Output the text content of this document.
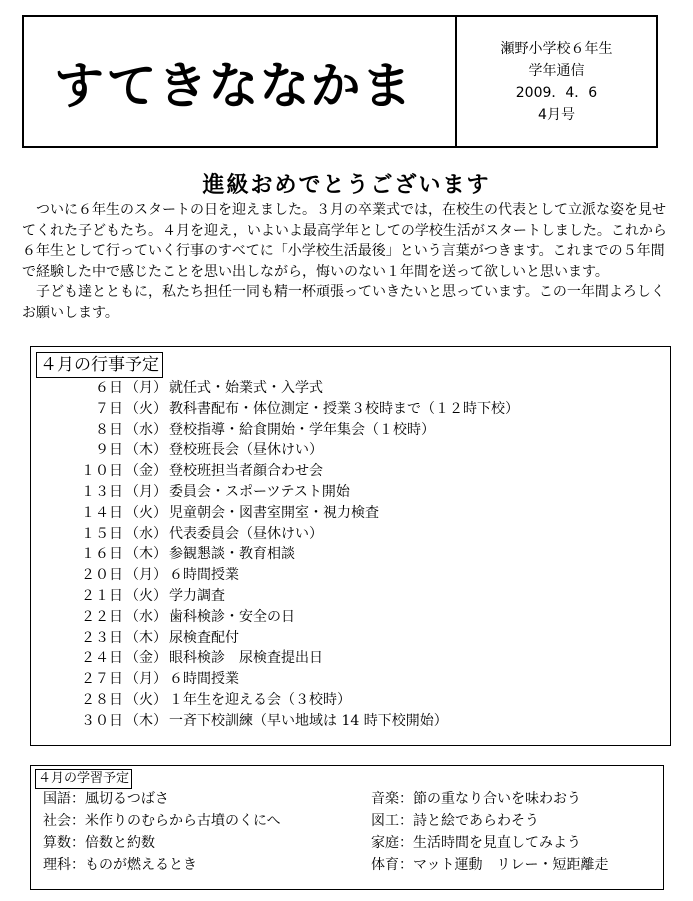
すてきななかま
瀬野小学校６年生
学年通信
2009．4．6
4月号
進級おめでとうございます

ついに６年生のスタートの日を迎えました。３月の卒業式では，在校生の代表として立派な姿を見せてくれた子どもたち。４月を迎え，いよいよ最高学年としての学校生活がスタートしました。これから６年生として行っていく行事のすべてに「小学校生活最後」という言葉がつきます。これまでの５年間で経験した中で感じたことを思い出しながら，悔いのない１年間を送って欲しいと思います。

子ども達とともに，私たち担任一同も精一杯頑張っていきたいと思っています。この一年間よろしくお願いします。

４月の行事予定
６日 （月） 就任式・始業式・入学式
７日 （火） 教科書配布・体位測定・授業３校時まで（１２時下校）
８日 （水） 登校指導・給食開始・学年集会（１校時）
９日 （木） 登校班長会（昼休けい）
１０日 （金） 登校班担当者顔合わせ会
１３日 （月） 委員会・スポーツテスト開始
１４日 （火） 児童朝会・図書室開室・視力検査
１５日 （水） 代表委員会（昼休けい）
１６日 （木） 参観懇談・教育相談
２０日 （月） ６時間授業
２１日 （火） 学力調査
２２日 （水） 歯科検診・安全の日
２３日 （木） 尿検査配付
２４日 （金） 眼科検診　尿検査提出日
２７日 （月） ６時間授業
２８日 （火） １年生を迎える会（３校時）
３０日 （木） 一斉下校訓練（早い地域は 14 時下校開始）
４月の学習予定
国語：風切るつばさ
社会：米作りのむらから古墳のくにへ
算数：倍数と約数
理科：ものが燃えるとき
音楽：節の重なり合いを味わおう
図工：詩と絵であらわそう
家庭：生活時間を見直してみよう
体育：マット運動　リレー・短距離走
